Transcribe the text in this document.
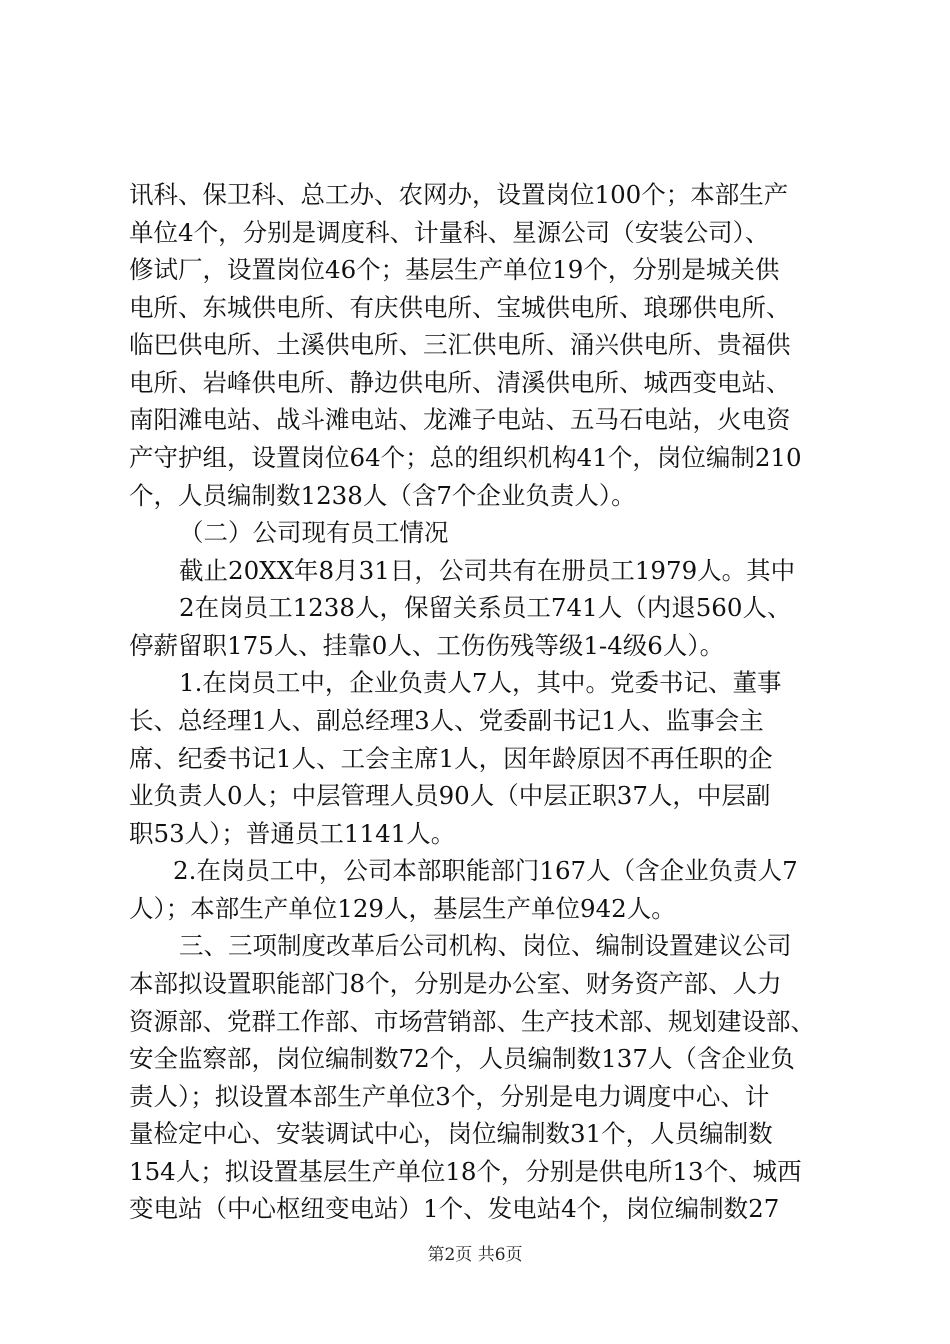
讯科、保卫科、总工办、农网办，设置岗位100个；本部生产
单位4个，分别是调度科、计量科、星源公司（安装公司）、
修试厂，设置岗位46个；基层生产单位19个，分别是城关供
电所、东城供电所、有庆供电所、宝城供电所、琅琊供电所、
临巴供电所、土溪供电所、三汇供电所、涌兴供电所、贵福供
电所、岩峰供电所、静边供电所、清溪供电所、城西变电站、
南阳滩电站、战斗滩电站、龙滩子电站、五马石电站，火电资
产守护组，设置岗位64个；总的组织机构41个，岗位编制210
个，人员编制数1238人（含7个企业负责人）。
（二）公司现有员工情况
截止20XX年8月31日，公司共有在册员工1979人。其中
2在岗员工1238人，保留关系员工741人（内退560人、
停薪留职175人、挂靠0人、工伤伤残等级1-4级6人）。
1.在岗员工中，企业负责人7人，其中。党委书记、董事
长、总经理1人、副总经理3人、党委副书记1人、监事会主
席、纪委书记1人、工会主席1人，因年龄原因不再任职的企
业负责人0人；中层管理人员90人（中层正职37人，中层副
职53人）；普通员工1141人。
2.在岗员工中，公司本部职能部门167人（含企业负责人7
人）；本部生产单位129人，基层生产单位942人。
三、三项制度改革后公司机构、岗位、编制设置建议公司
本部拟设置职能部门8个，分别是办公室、财务资产部、人力
资源部、党群工作部、市场营销部、生产技术部、规划建设部、
安全监察部，岗位编制数72个，人员编制数137人（含企业负
责人）；拟设置本部生产单位3个，分别是电力调度中心、计
量检定中心、安装调试中心，岗位编制数31个，人员编制数
154人；拟设置基层生产单位18个，分别是供电所13个、城西
变电站（中心枢纽变电站）1个、发电站4个，岗位编制数27
第2页 共6页
